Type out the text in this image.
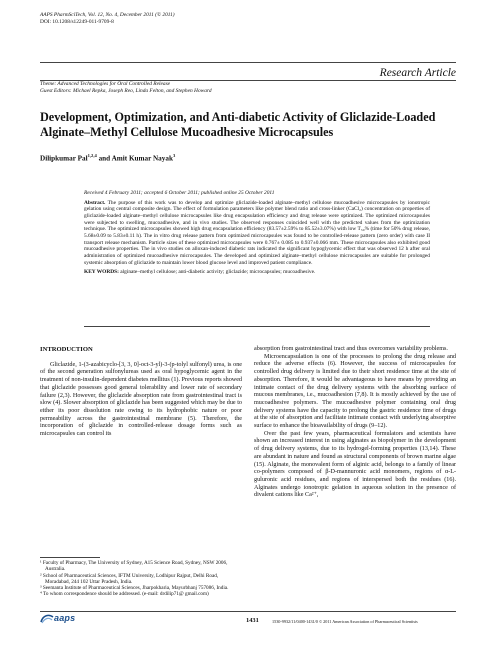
AAPS PharmSciTech, Vol. 12, No. 4, December 2011 (© 2011)
DOI: 10.1208/s12249-011-9709-8
Research Article
Theme: Advanced Technologies for Oral Controlled Release
Guest Editors: Michael Repka, Joseph Reo, Linda Felton, and Stephen Howard
Development, Optimization, and Anti-diabetic Activity of Gliclazide-Loaded Alginate–Methyl Cellulose Mucoadhesive Microcapsules
Dilipkumar Pal$^{1,2,4}$ and Amit Kumar Nayak$^3$
Received 4 February 2011; accepted 6 October 2011; published online 25 October 2011
Abstract. The purpose of this work was to develop and optimize gliclazide-loaded alginate–methyl cellulose mucoadhesive microcapsules by ionotropic gelation using central composite design. The effect of formulation parameters like polymer blend ratio and cross-linker (CaCl₂) concentration on properties of gliclazide-loaded alginate–methyl cellulose microcapsules like drug encapsulation efficiency and drug release were optimized. The optimized microcapsules were subjected to swelling, mucoadhesive, and in vivo studies. The observed responses coincided well with the predicted values from the optimization technique. The optimized microcapsules showed high drug encapsulation efficiency (83.57±2.59% to 85.52±3.07%) with low T₅₀% (time for 50% drug release, 5.68±0.09 to 5.83±0.11 h). The in vitro drug release pattern from optimized microcapsules was found to be controlled-release pattern (zero order) with case II transport release mechanism. Particle sizes of these optimized microcapsules were 0.767± 0.085 to 0.937±0.066 mm. These microcapsules also exhibited good mucoadhesive properties. The in vivo studies on alloxan-induced diabetic rats indicated the significant hypoglycemic effect that was observed 12 h after oral administration of optimized mucoadhesive microcapsules. The developed and optimized alginate–methyl cellulose microcapsules are suitable for prolonged systemic absorption of gliclazide to maintain lower blood glucose level and improved patient compliance.
KEY WORDS: alginate–methyl cellulose; anti-diabetic activity; gliclazide; microcapsules; mucoadhesive.
INTRODUCTION

Gliclazide, 1-(3-azabicyclo-[3, 3, 0]-oct-3-yl)-3-(p-tolyl sulfonyl) urea, is one of the second generation sulfonylureas used as oral hypoglycemic agent in the treatment of non-insulin-dependent diabetes mellitus (1). Previous reports showed that gliclazide possesses good general tolerability and lower rate of secondary failure (2,3). However, the gliclazide absorption rate from gastrointestinal tract is slow (4). Slower absorption of gliclazide has been suggested which may be due to either its poor dissolution rate owing to its hydrophobic nature or poor permeability across the gastrointestinal membrane (5). Therefore, the incorporation of gliclazide in controlled-release dosage forms such as microcapsules can control its

absorption from gastrointestinal tract and thus overcomes variability problems.

Microencapsulation is one of the processes to prolong the drug release and reduce the adverse effects (6). However, the success of microcapsules for controlled drug delivery is limited due to their short residence time at the site of absorption. Therefore, it would be advantageous to have means by providing an intimate contact of the drug delivery systems with the absorbing surface of mucous membranes, i.e., mucoadhesion (7,8). It is mostly achieved by the use of mucoadhesive polymers. The mucoadhesive polymer containing oral drug delivery systems have the capacity to prolong the gastric residence time of drugs at the site of absorption and facilitate intimate contact with underlying absorptive surface to enhance the bioavailability of drugs (9–12).

Over the past few years, pharmaceutical formulators and scientists have shown an increased interest in using alginates as biopolymer in the development of drug delivery systems, due to its hydrogel-forming properties (13,14). These are abundant in nature and found as structural components of brown marine algae (15). Alginate, the monovalent form of alginic acid, belongs to a family of linear co-polymers composed of β-D-mannuronic acid monomers, regions of α-L-guluronic acid residues, and regions of interspersed both the residues (16). Alginates undergo ionotropic gelation in aqueous solution in the presence of divalent cations like Ca²⁺,

¹ Faculty of Pharmacy, The University of Sydney, A15 Science Road, Sydney, NSW 2006, Australia.
² School of Pharmaceutical Sciences, IFTM University, Lodhipur Rajput, Delhi Road, Moradabad, 244 102 Uttar Pradesh, India.
³ Seemanta Institute of Pharmaceutical Sciences, Jharpokharia, Mayurbhanj 757086, India.
⁴ To whom correspondence should be addressed. (e-mail: drdilip71@ gmail.com)
aaps	1431	1530-9932/11/0400-1431/0 © 2011 American Association of Pharmaceutical Scientists
